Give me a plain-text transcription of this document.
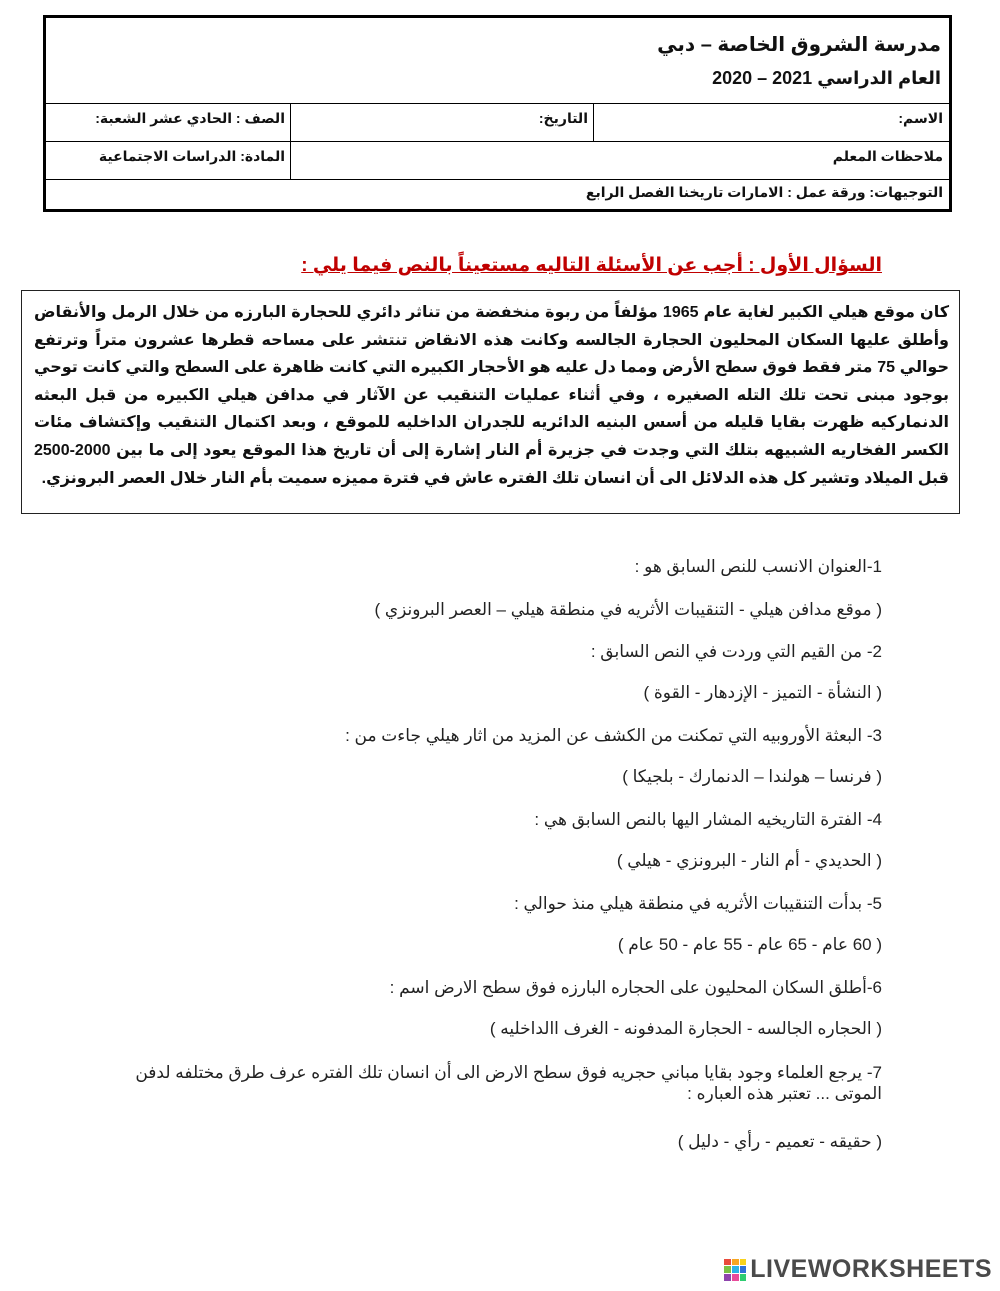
مدرسة الشروق الخاصة – دبي
العام الدراسي 2021 – 2020
الاسم:
التاريخ:
الصف : الحادي عشر الشعبة:
ملاحظات المعلم
المادة: الدراسات الاجتماعية
التوجيهات: ورقة عمل : الامارات تاريخنا الفصل الرابع
السؤال الأول : أجب عن الأسئلة التاليه مستعيناً بالنص فيما يلي :
كان موقع هيلي الكبير لغاية عام 1965 مؤلفاً من ربوة منخفضة من تناثر دائري للحجارة البارزه من خلال الرمل والأنقاض وأطلق عليها السكان المحليون الحجارة الجالسه وكانت هذه الانقاض تنتشر على مساحه قطرها عشرون متراً وترتفع حوالي 75 متر فقط فوق سطح الأرض ومما دل عليه هو الأحجار الكبيره التي كانت ظاهرة على السطح والتي كانت توحي بوجود مبنى تحت تلك التله الصغيره ، وفي أثناء عمليات التنقيب عن الآثار في مدافن هيلي الكبيره من قبل البعثه الدنماركيه ظهرت بقايا قليله من أسس البنيه الدائريه للجدران الداخليه للموقع ، وبعد اكتمال التنقيب وإكتشاف مئات الكسر الفخاريه الشبيهه بتلك التي وجدت في جزيرة أم النار إشارة إلى أن تاريخ هذا الموقع يعود إلى ما بين 2000-2500 قبل الميلاد وتشير كل هذه الدلائل الى أن انسان تلك الفتره عاش في فترة مميزه سميت بأم النار خلال العصر البرونزي.
1-العنوان الانسب للنص السابق هو :
( موقع مدافن هيلي - التنقيبات الأثريه في منطقة هيلي – العصر البرونزي )
2- من القيم التي وردت في النص السابق :
( النشأة - التميز - الإزدهار - القوة )
3- البعثة الأوروبيه التي تمكنت من الكشف عن المزيد من اثار هيلي جاءت من :
( فرنسا – هولندا – الدنمارك - بلجيكا )
4- الفترة التاريخيه المشار اليها بالنص السابق هي :
( الحديدي - أم النار - البرونزي - هيلي )
5- بدأت التنقيبات الأثريه في منطقة هيلي منذ حوالي :
( 60 عام - 65 عام - 55 عام - 50 عام )
6-أطلق السكان المحليون على الحجاره البارزه فوق سطح الارض اسم :
( الحجاره الجالسه - الحجارة المدفونه - الغرف االداخليه )
7- يرجع العلماء وجود بقايا مباني حجريه فوق سطح الارض الى أن انسان تلك الفتره عرف طرق مختلفه لدفن الموتى ... تعتبر هذه العباره :
( حقيقه - تعميم - رأي - دليل )
LIVEWORKSHEETS
